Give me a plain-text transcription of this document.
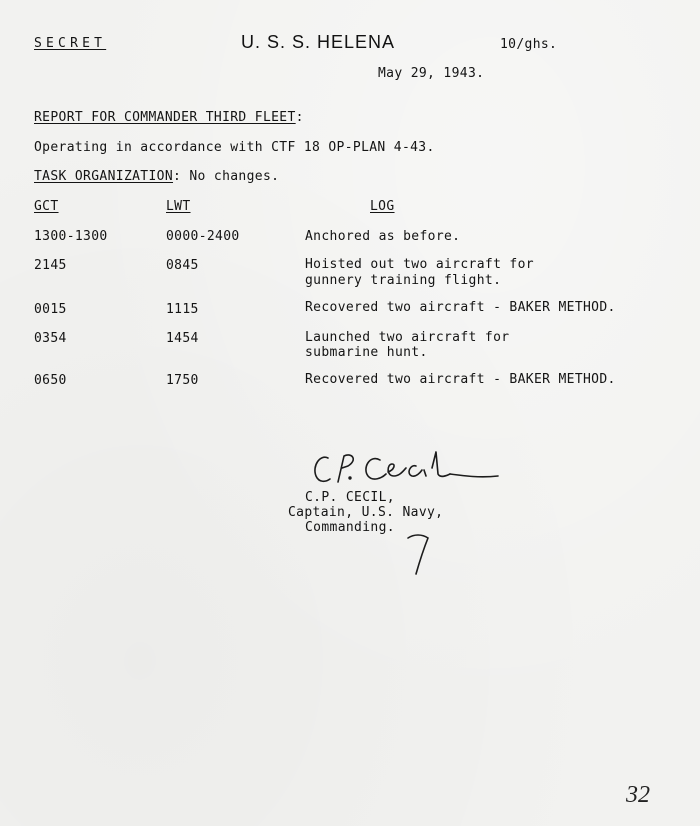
SECRET	U. S. S. HELENA	10/ghs.
May 29, 1943.
REPORT FOR COMMANDER THIRD FLEET:
Operating in accordance with CTF 18 OP-PLAN 4-43.
TASK ORGANIZATION: No changes.
GCT	LWT	LOG
1300-1300	0000-2400	Anchored as before.
2145	0845	Hoisted out two aircraft for
gunnery training flight.
0015	1115	Recovered two aircraft - BAKER METHOD.
0354	1454	Launched two aircraft for
submarine hunt.
0650	1750	Recovered two aircraft - BAKER METHOD.
C.P. CECIL,
Captain, U.S. Navy,
Commanding.
32
